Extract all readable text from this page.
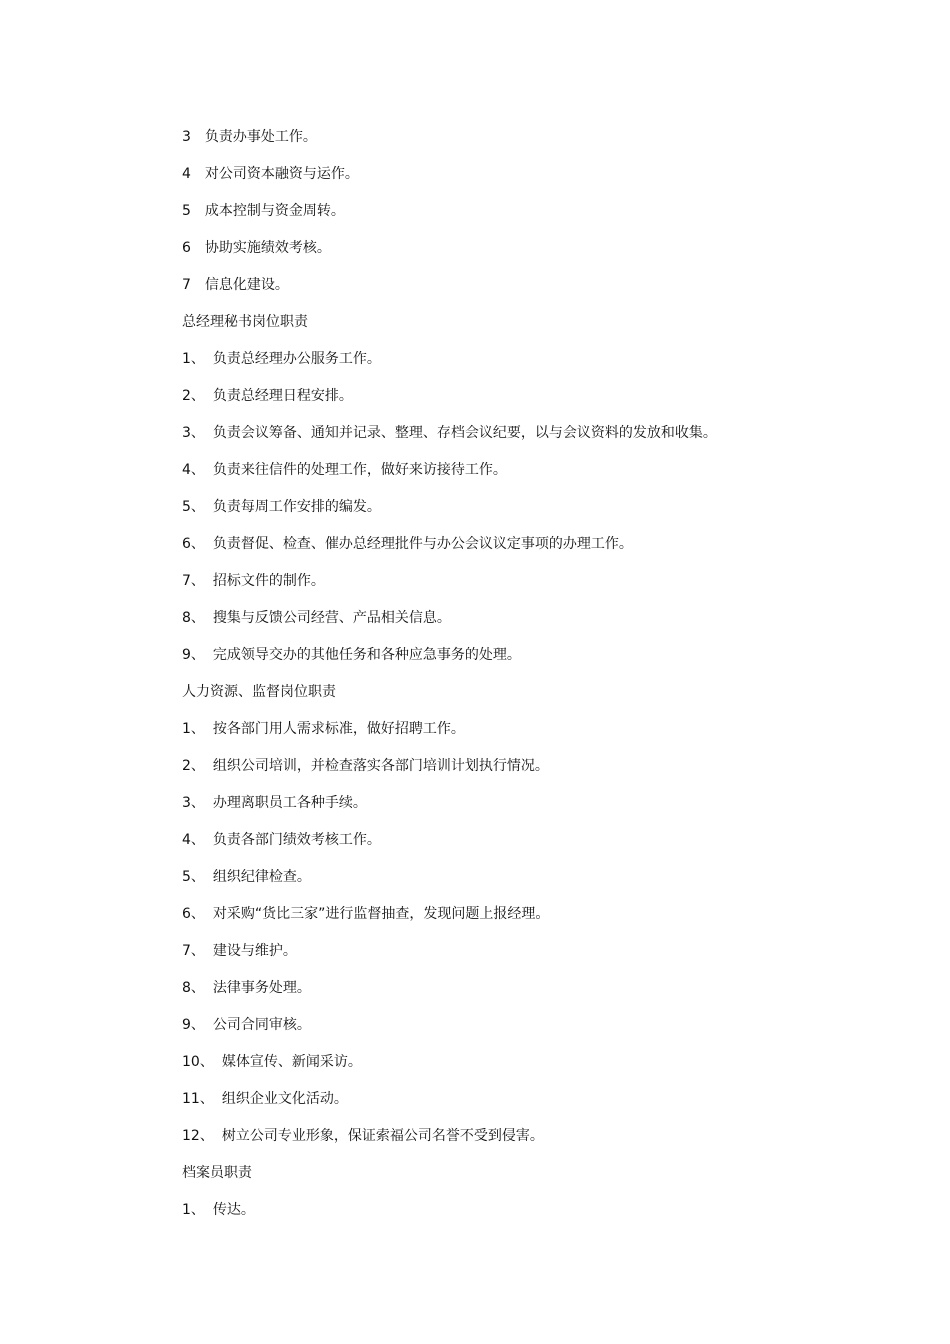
3 负责办事处工作。
4 对公司资本融资与运作。
5 成本控制与资金周转。
6 协助实施绩效考核。
7 信息化建设。
总经理秘书岗位职责
1、 负责总经理办公服务工作。
2、 负责总经理日程安排。
3、 负责会议筹备、通知并记录、整理、存档会议纪要，以与会议资料的发放和收集。
4、 负责来往信件的处理工作，做好来访接待工作。
5、 负责每周工作安排的编发。
6、 负责督促、检查、催办总经理批件与办公会议议定事项的办理工作。
7、 招标文件的制作。
8、 搜集与反馈公司经营、产品相关信息。
9、 完成领导交办的其他任务和各种应急事务的处理。
人力资源、监督岗位职责
1、 按各部门用人需求标准，做好招聘工作。
2、 组织公司培训，并检查落实各部门培训计划执行情况。
3、 办理离职员工各种手续。
4、 负责各部门绩效考核工作。
5、 组织纪律检查。
6、 对采购“货比三家”进行监督抽查，发现问题上报经理。
7、 建设与维护。
8、 法律事务处理。
9、 公司合同审核。
10、 媒体宣传、新闻采访。
11、 组织企业文化活动。
12、 树立公司专业形象，保证索福公司名誉不受到侵害。
档案员职责
1、 传达。
